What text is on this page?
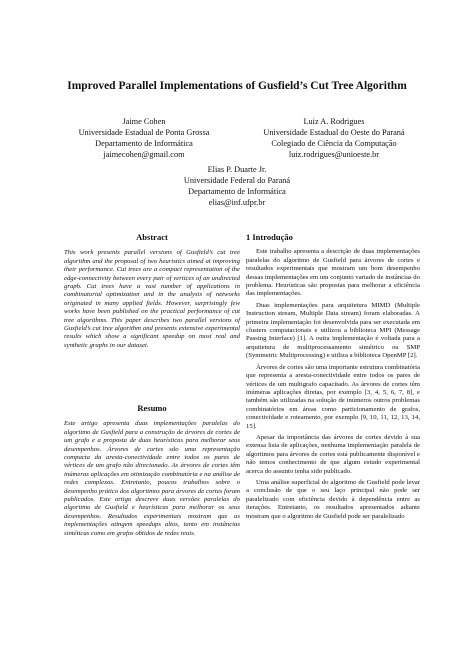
Improved Parallel Implementations of Gusfield’s Cut Tree Algorithm
Jaime Cohen
Universidade Estadual de Ponta Grossa
Departamento de Informática
jaimecohen@gmail.com
Luiz A. Rodrigues
Universidade Estadual do Oeste do Paraná
Colegiado de Ciência da Computação
luiz.rodrigues@unioeste.br
Elias P. Duarte Jr.
Universidade Federal do Paraná
Departamento de Informática
elias@inf.ufpr.br
Abstract
This work presents parallel versions of Gusfield’s cut tree algorithm and the proposal of two heuristics aimed at improving their performance. Cut trees are a compact representation of the edge-connectivity between every pair of vertices of an undirected graph. Cut trees have a vast number of applications in combinatorial optimization and in the analysis of networks originated in many applied fields. However, surprisingly few works have been published on the practical performance of cut tree algorithms. This paper describes two parallel versions of Gusfield’s cut tree algorithm and presents extensive experimental results which show a significant speedup on most real and synthetic graphs in our dataset.
Resumo
Este artigo apresenta duas implementações paralelas do algoritmo de Gusfield para a construção de árvores de cortes de um grafo e a proposta de duas heurísticas para melhorar seus desempenhos. Árvores de cortes são uma representação compacta da aresta-conectividade entre todos os pares de vértices de um grafo não direcionado. As árvores de cortes têm inúmeras aplicações em otimização combinatória e na análise de redes complexas. Entretanto, poucos trabalhos sobre o desempenho prático dos algoritmos para árvores de cortes foram publicados. Este artigo descreve duas versões paralelas do algoritmo de Gusfield e heurísticas para melhorar os seus desempenhos. Resultados experimentais mostram que as implementações atingem speedups altos, tanto em instâncias sintéticas como em grafos obtidos de redes reais.
1 Introdução
Este trabalho apresenta a descrição de duas implementações paralelas do algoritmo de Gusfield para árvores de cortes e resultados experimentais que mostram um bom desempenho dessas implementações em um conjunto variado de instâncias do problema. Heurísticas são propostas para melhorar a eficiência das implementações.
Duas implementações para arquitetura MIMD (Multiple Instruction stream, Multiple Data stream) foram elaboradas. A primeira implementação foi desenvolvida para ser executada em clusters computacionais e utilizou a biblioteca MPI (Message Passing Interface) [1]. A outra implementação é voltada para a arquitetura de multiprocessamento simétrico ou SMP (Symmetric Multiprocessing) e utiliza a biblioteca OpenMP [2].
Árvores de cortes são uma importante estrutura combinatória que representa a aresta-conectividade entre todos os pares de vértices de um multigrafo capacitado. As árvores de cortes têm inúmeras aplicações diretas, por exemplo [3, 4, 5, 6, 7, 8], e também são utilizadas na solução de inúmeros outros problemas combinatórios em áreas como particionamento de grafos, conectividade e roteamento, por exemplo [9, 10, 11, 12, 13, 14, 15].
Apesar da importância das árvores de cortes devido à sua extensa lista de aplicações, nenhuma implementação paralela de algoritmos para árvores de cortes está publicamente disponível e não temos conhecimento de que algum estudo experimental acerca do assunto tenha sido publicado.
Uma análise superficial do algoritmo de Gusfield pode levar a conclusão de que o seu laço principal não pode ser paralelizado com eficiência devido à dependência entre as iterações. Entretanto, os resultados apresentados adiante mostram que o algoritmo de Gusfield pode ser paralelizado
